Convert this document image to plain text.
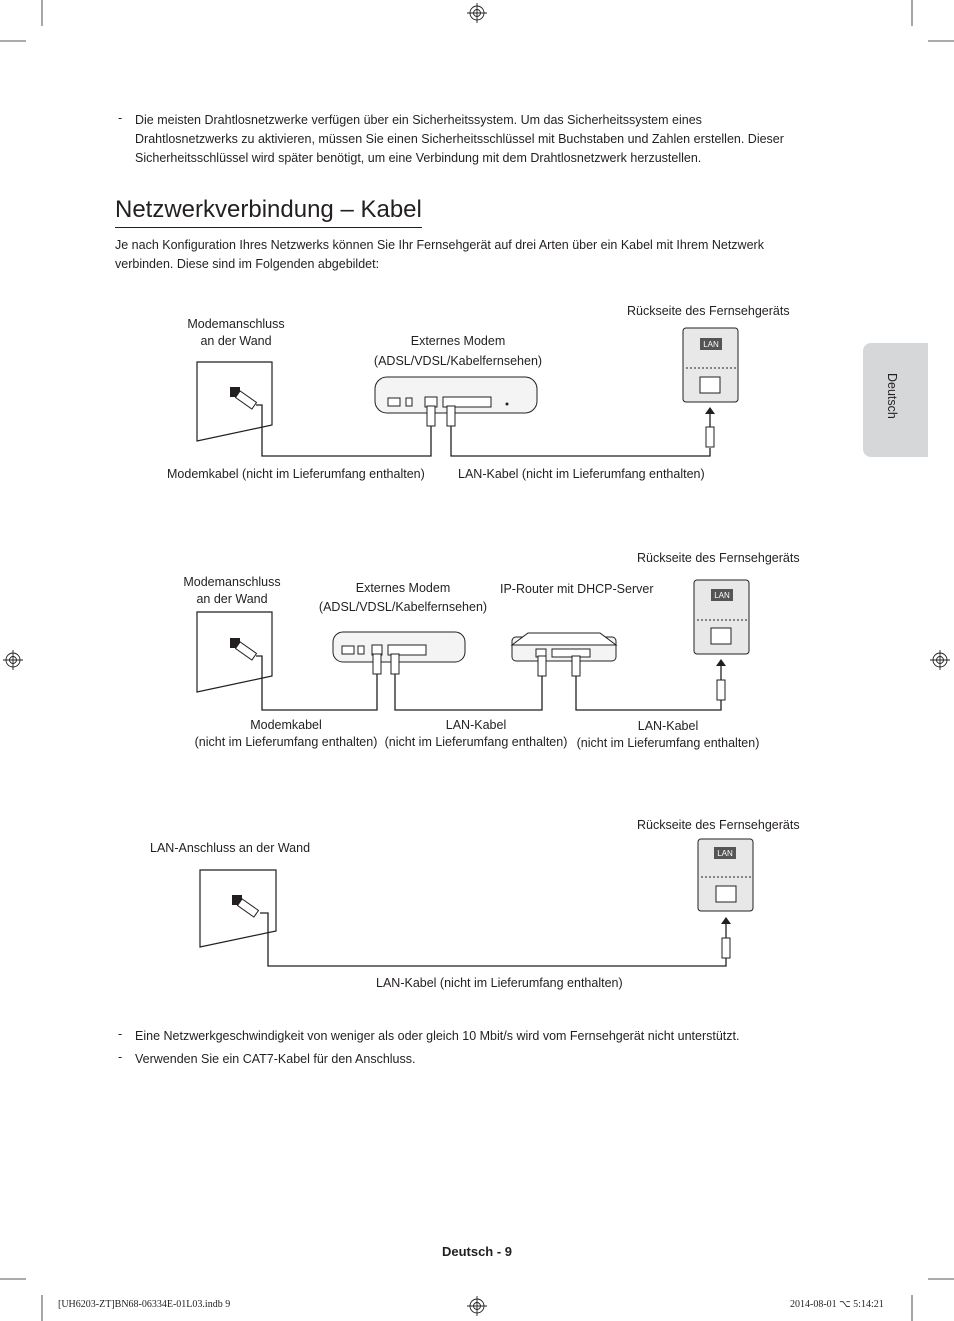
- Die meisten Drahtlosnetzwerke verfügen über ein Sicherheitssystem. Um das Sicherheitssystem eines
Drahtlosnetzwerks zu aktivieren, müssen Sie einen Sicherheitsschlüssel mit Buchstaben und Zahlen erstellen. Dieser
Sicherheitsschlüssel wird später benötigt, um eine Verbindung mit dem Drahtlosnetzwerk herzustellen.
Netzwerkverbindung – Kabel
Je nach Konfiguration Ihres Netzwerks können Sie Ihr Fernsehgerät auf drei Arten über ein Kabel mit Ihrem Netzwerk
verbinden. Diese sind im Folgenden abgebildet:
Deutsch
LAN
Modemanschluss
an der Wand	Externes Modem
(ADSL/VDSL/Kabelfernsehen)
Rückseite des Fernsehgeräts
Modemkabel (nicht im Lieferumfang enthalten)	LAN-Kabel (nicht im Lieferumfang enthalten)
LAN
Modemanschluss
an der Wand
Externes Modem
(ADSL/VDSL/Kabelfernsehen)
IP-Router mit DHCP-Server
Rückseite des Fernsehgeräts
Modemkabel
(nicht im Lieferumfang enthalten)
LAN-Kabel
(nicht im Lieferumfang enthalten)
LAN-Kabel
(nicht im Lieferumfang enthalten)
LAN
LAN-Anschluss an der Wand
Rückseite des Fernsehgeräts
LAN-Kabel (nicht im Lieferumfang enthalten)
- Eine Netzwerkgeschwindigkeit von weniger als oder gleich 10 Mbit/s wird vom Fernsehgerät nicht unterstützt.
- Verwenden Sie ein CAT7-Kabel für den Anschluss.
Deutsch - 9
[UH6203-ZT]BN68-06334E-01L03.indb 9	2014-08-01 ⌥ 5:14:21
